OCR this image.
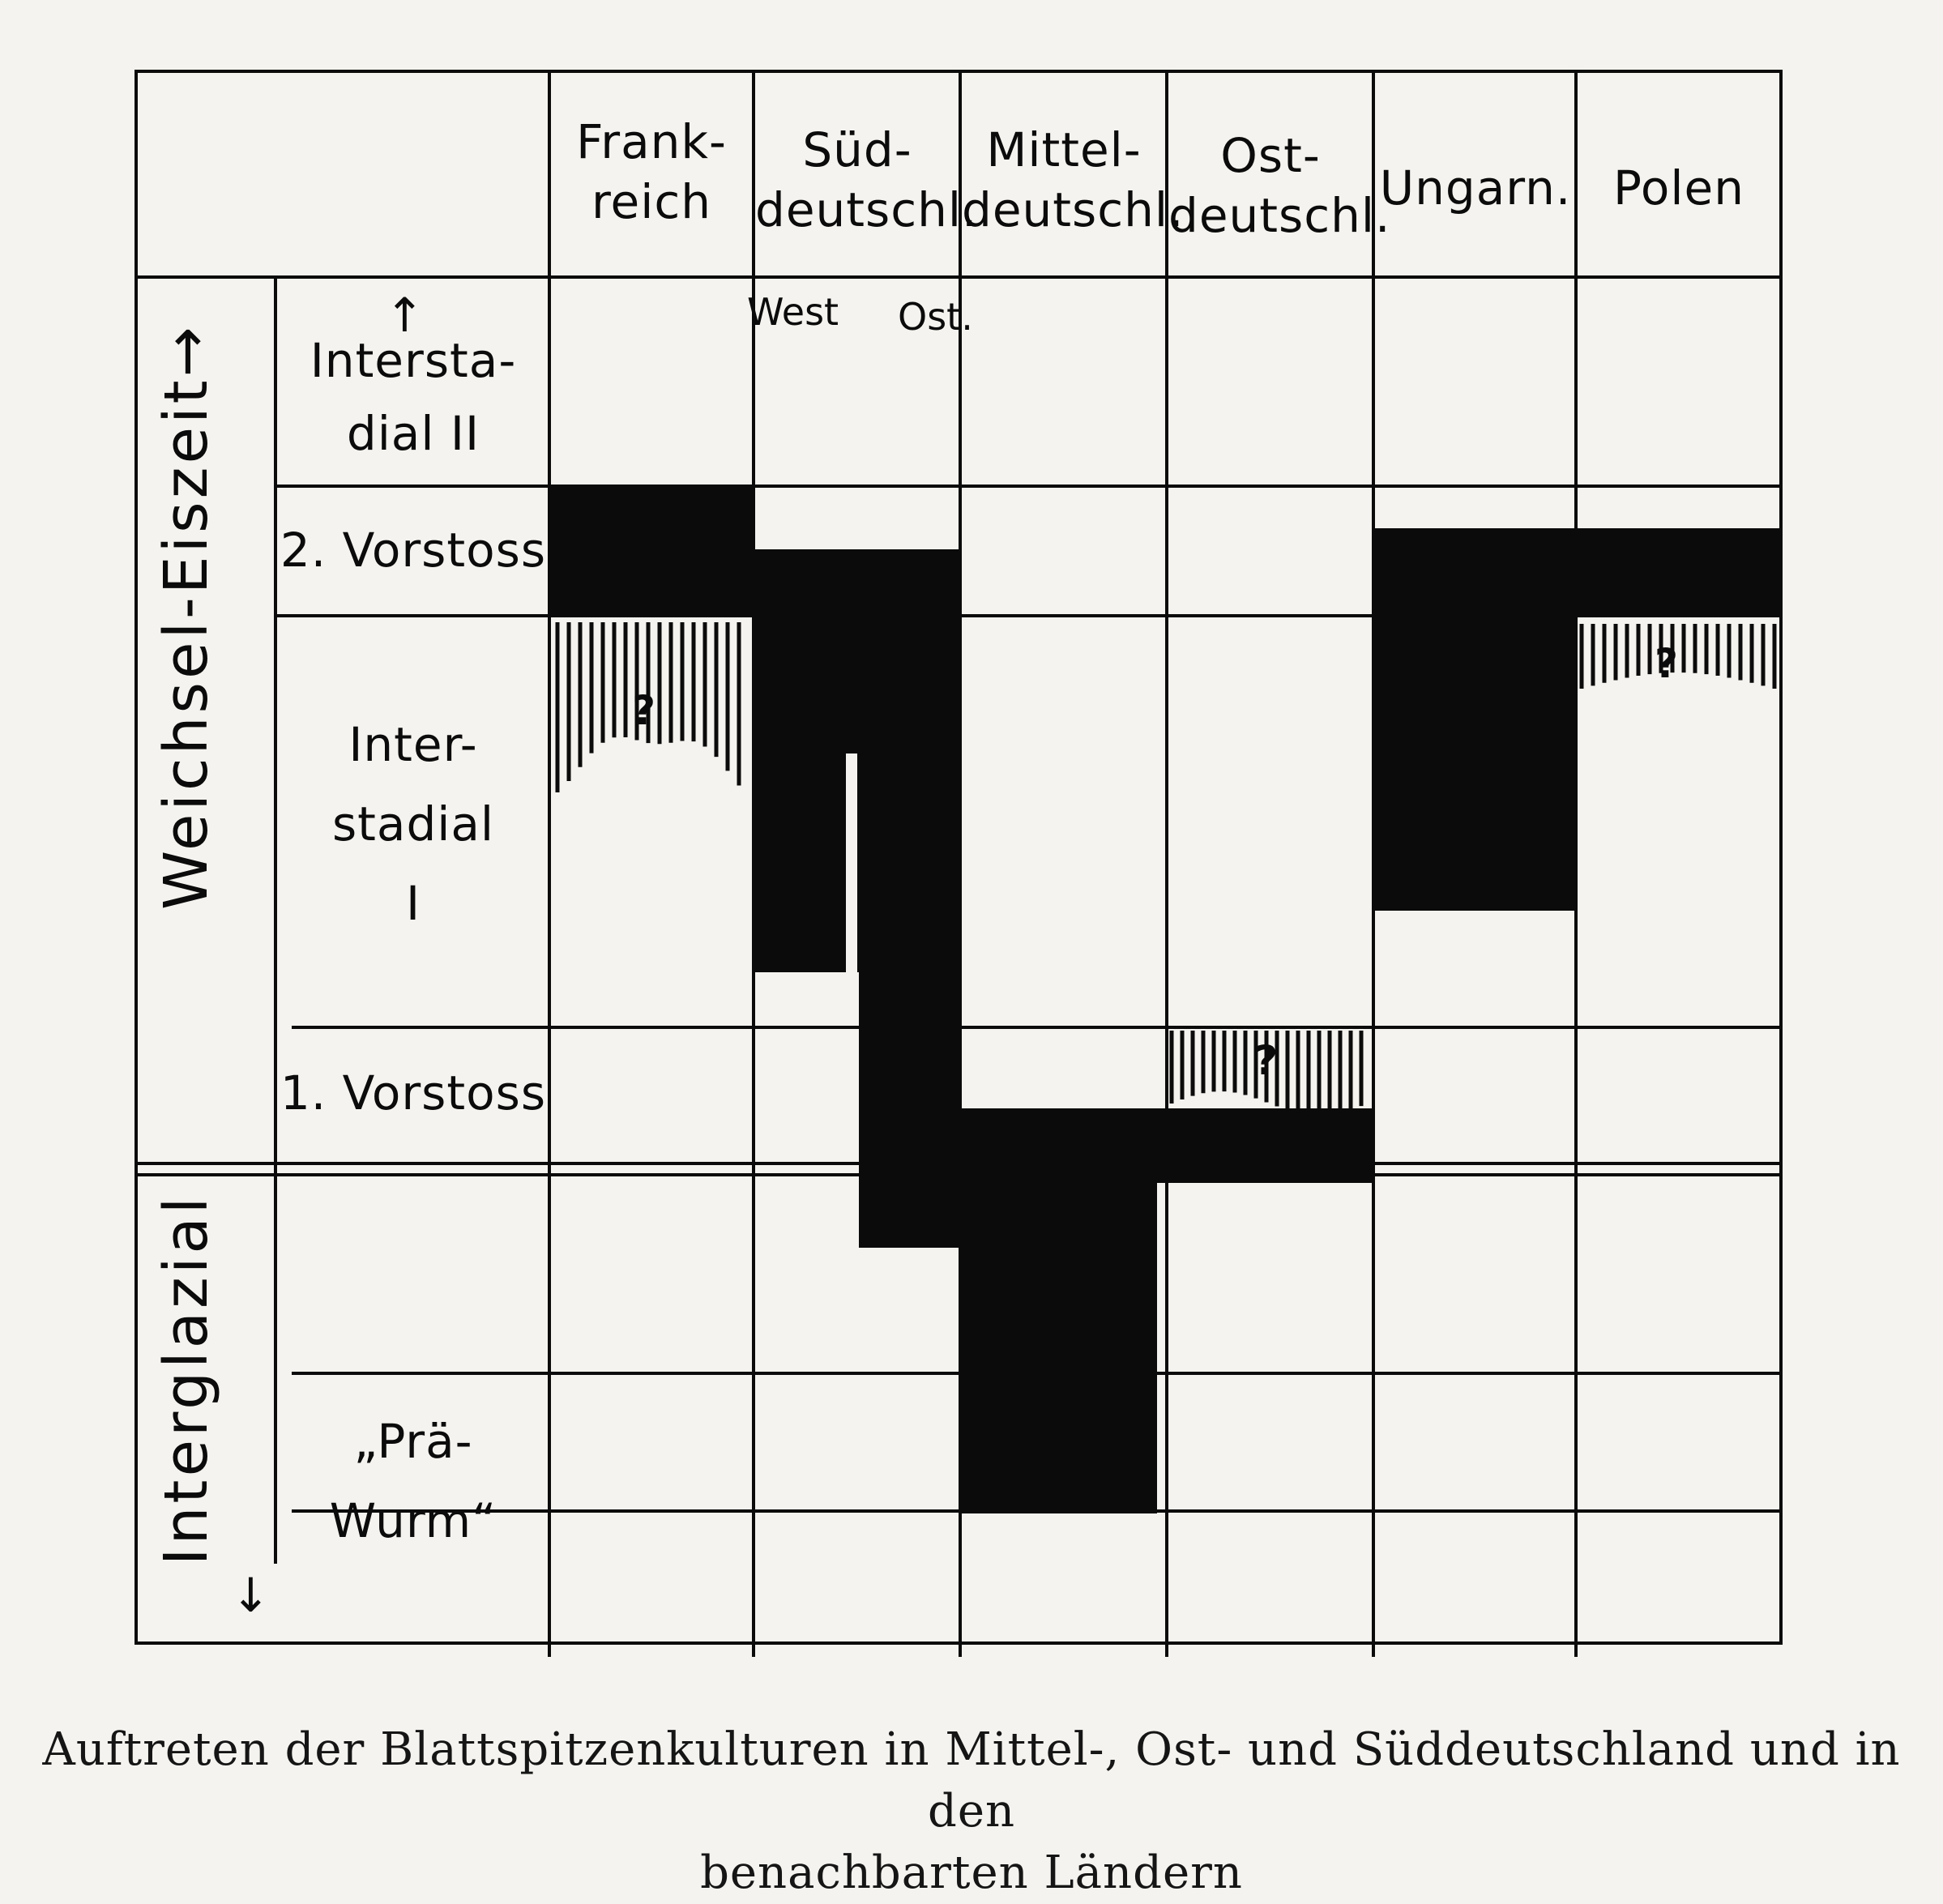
Frank-
reich
Süd-
deutschl.
Mittel-
deutschl.
Ost-
deutschl.
Ungarn. Polen
West Ost.
↑
Intersta-
dial II
2. Vorstoss
Inter-
stadial
I
1. Vorstoss
„Prä-Wurm“
Weichsel-Eiszeit→
Interglazial
↓
?
?
?
Auftreten der Blattspitzenkulturen in Mittel-, Ost- und Süddeutschland und in den
benachbarten Ländern
